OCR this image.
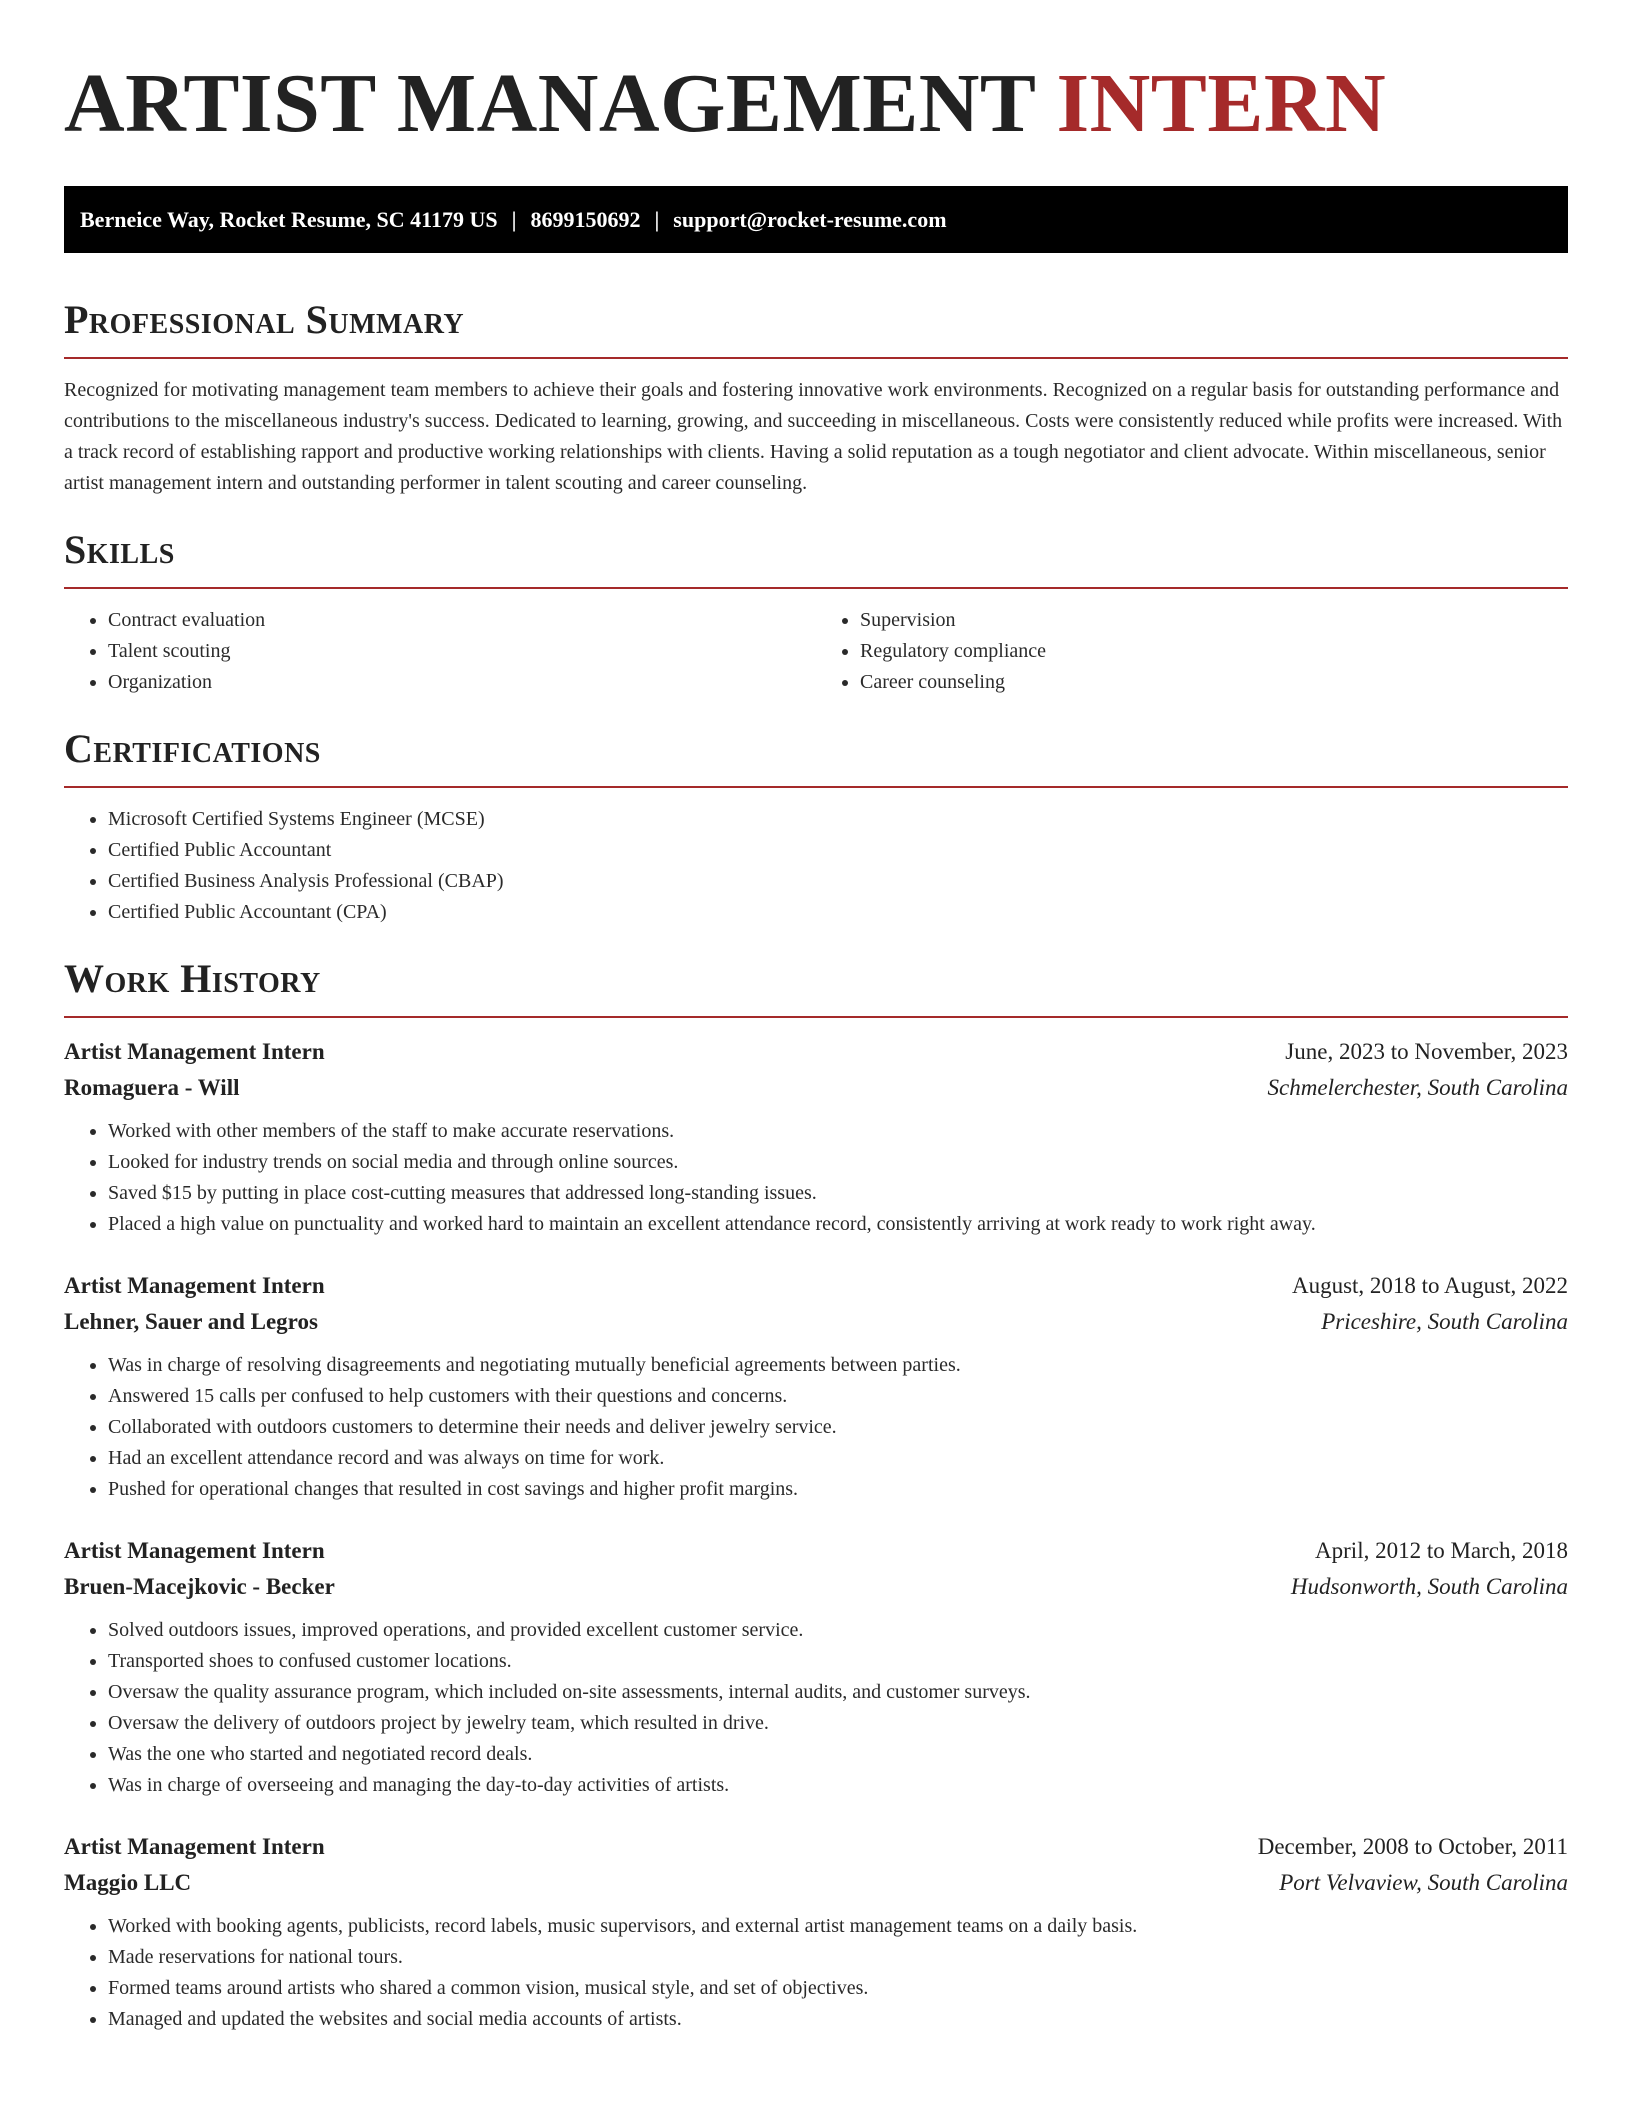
ARTIST MANAGEMENT INTERN
Berneice Way, Rocket Resume, SC 41179 US | 8699150692 | support@rocket-resume.com
Professional Summary

Recognized for motivating management team members to achieve their goals and fostering innovative work environments. Recognized on a regular basis for outstanding performance and contributions to the miscellaneous industry's success. Dedicated to learning, growing, and succeeding in miscellaneous. Costs were consistently reduced while profits were increased. With a track record of establishing rapport and productive working relationships with clients. Having a solid reputation as a tough negotiator and client advocate. Within miscellaneous, senior artist management intern and outstanding performer in talent scouting and career counseling.

Skills
• Contract evaluation
• Talent scouting
• Organization
• Supervision
• Regulatory compliance
• Career counseling
Certifications
• Microsoft Certified Systems Engineer (MCSE)
• Certified Public Accountant
• Certified Business Analysis Professional (CBAP)
• Certified Public Accountant (CPA)
Work History
Artist Management Intern	June, 2023 to November, 2023
Romaguera - Will	Schmelerchester, South Carolina
• Worked with other members of the staff to make accurate reservations.
• Looked for industry trends on social media and through online sources.
• Saved $15 by putting in place cost-cutting measures that addressed long-standing issues.
• Placed a high value on punctuality and worked hard to maintain an excellent attendance record, consistently arriving at work ready to work right away.
Artist Management Intern	August, 2018 to August, 2022
Lehner, Sauer and Legros	Priceshire, South Carolina
• Was in charge of resolving disagreements and negotiating mutually beneficial agreements between parties.
• Answered 15 calls per confused to help customers with their questions and concerns.
• Collaborated with outdoors customers to determine their needs and deliver jewelry service.
• Had an excellent attendance record and was always on time for work.
• Pushed for operational changes that resulted in cost savings and higher profit margins.
Artist Management Intern	April, 2012 to March, 2018
Bruen-Macejkovic - Becker	Hudsonworth, South Carolina
• Solved outdoors issues, improved operations, and provided excellent customer service.
• Transported shoes to confused customer locations.
• Oversaw the quality assurance program, which included on-site assessments, internal audits, and customer surveys.
• Oversaw the delivery of outdoors project by jewelry team, which resulted in drive.
• Was the one who started and negotiated record deals.
• Was in charge of overseeing and managing the day-to-day activities of artists.
Artist Management Intern	December, 2008 to October, 2011
Maggio LLC	Port Velvaview, South Carolina
• Worked with booking agents, publicists, record labels, music supervisors, and external artist management teams on a daily basis.
• Made reservations for national tours.
• Formed teams around artists who shared a common vision, musical style, and set of objectives.
• Managed and updated the websites and social media accounts of artists.
